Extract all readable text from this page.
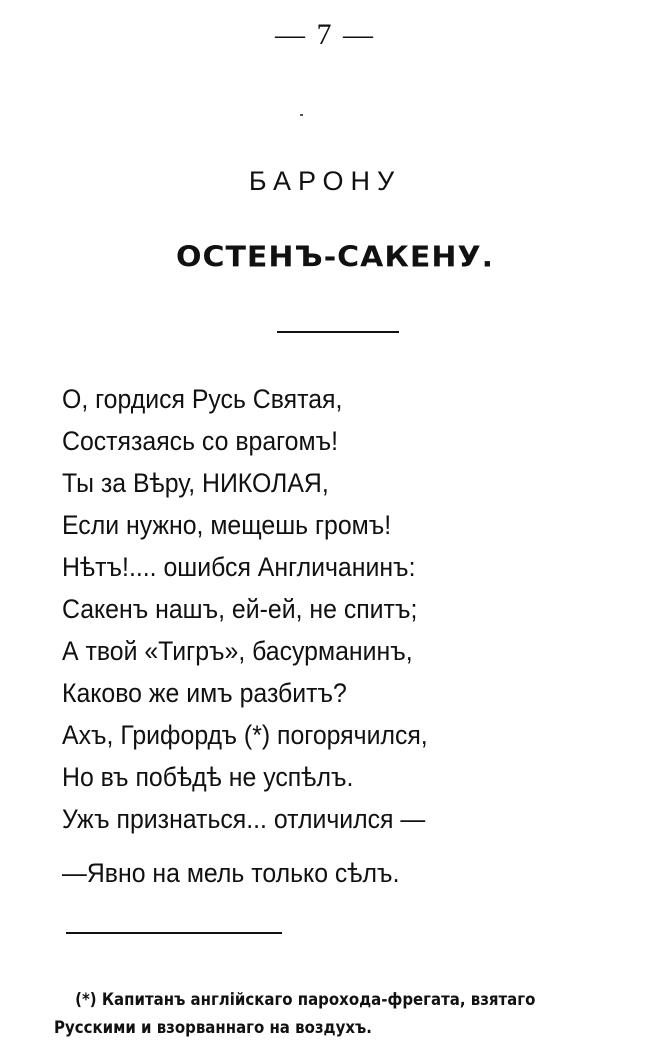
— 7 —
БАРОНУ
ОСТЕНЪ-САКЕНУ.
О, гордися Русь Святая,
Состязаясь со врагомъ!
Ты за Вѣру, НИКОЛАЯ,
Если нужно, мещешь громъ!
Нѣтъ!.... ошибся Англичанинъ:
Сакенъ нашъ, ей-ей, не спитъ;
А твой «Тигръ», басурманинъ,
Каково же имъ разбитъ?
Ахъ, Грифордъ (*) погорячился,
Но въ побѣдѣ не успѣлъ.
Ужъ признаться... отличился —
—Явно на мель только сѣлъ.

(*) Капитанъ англійскаго парохода-фрегата, взятаго Русскими и взорваннаго на воздухъ.
